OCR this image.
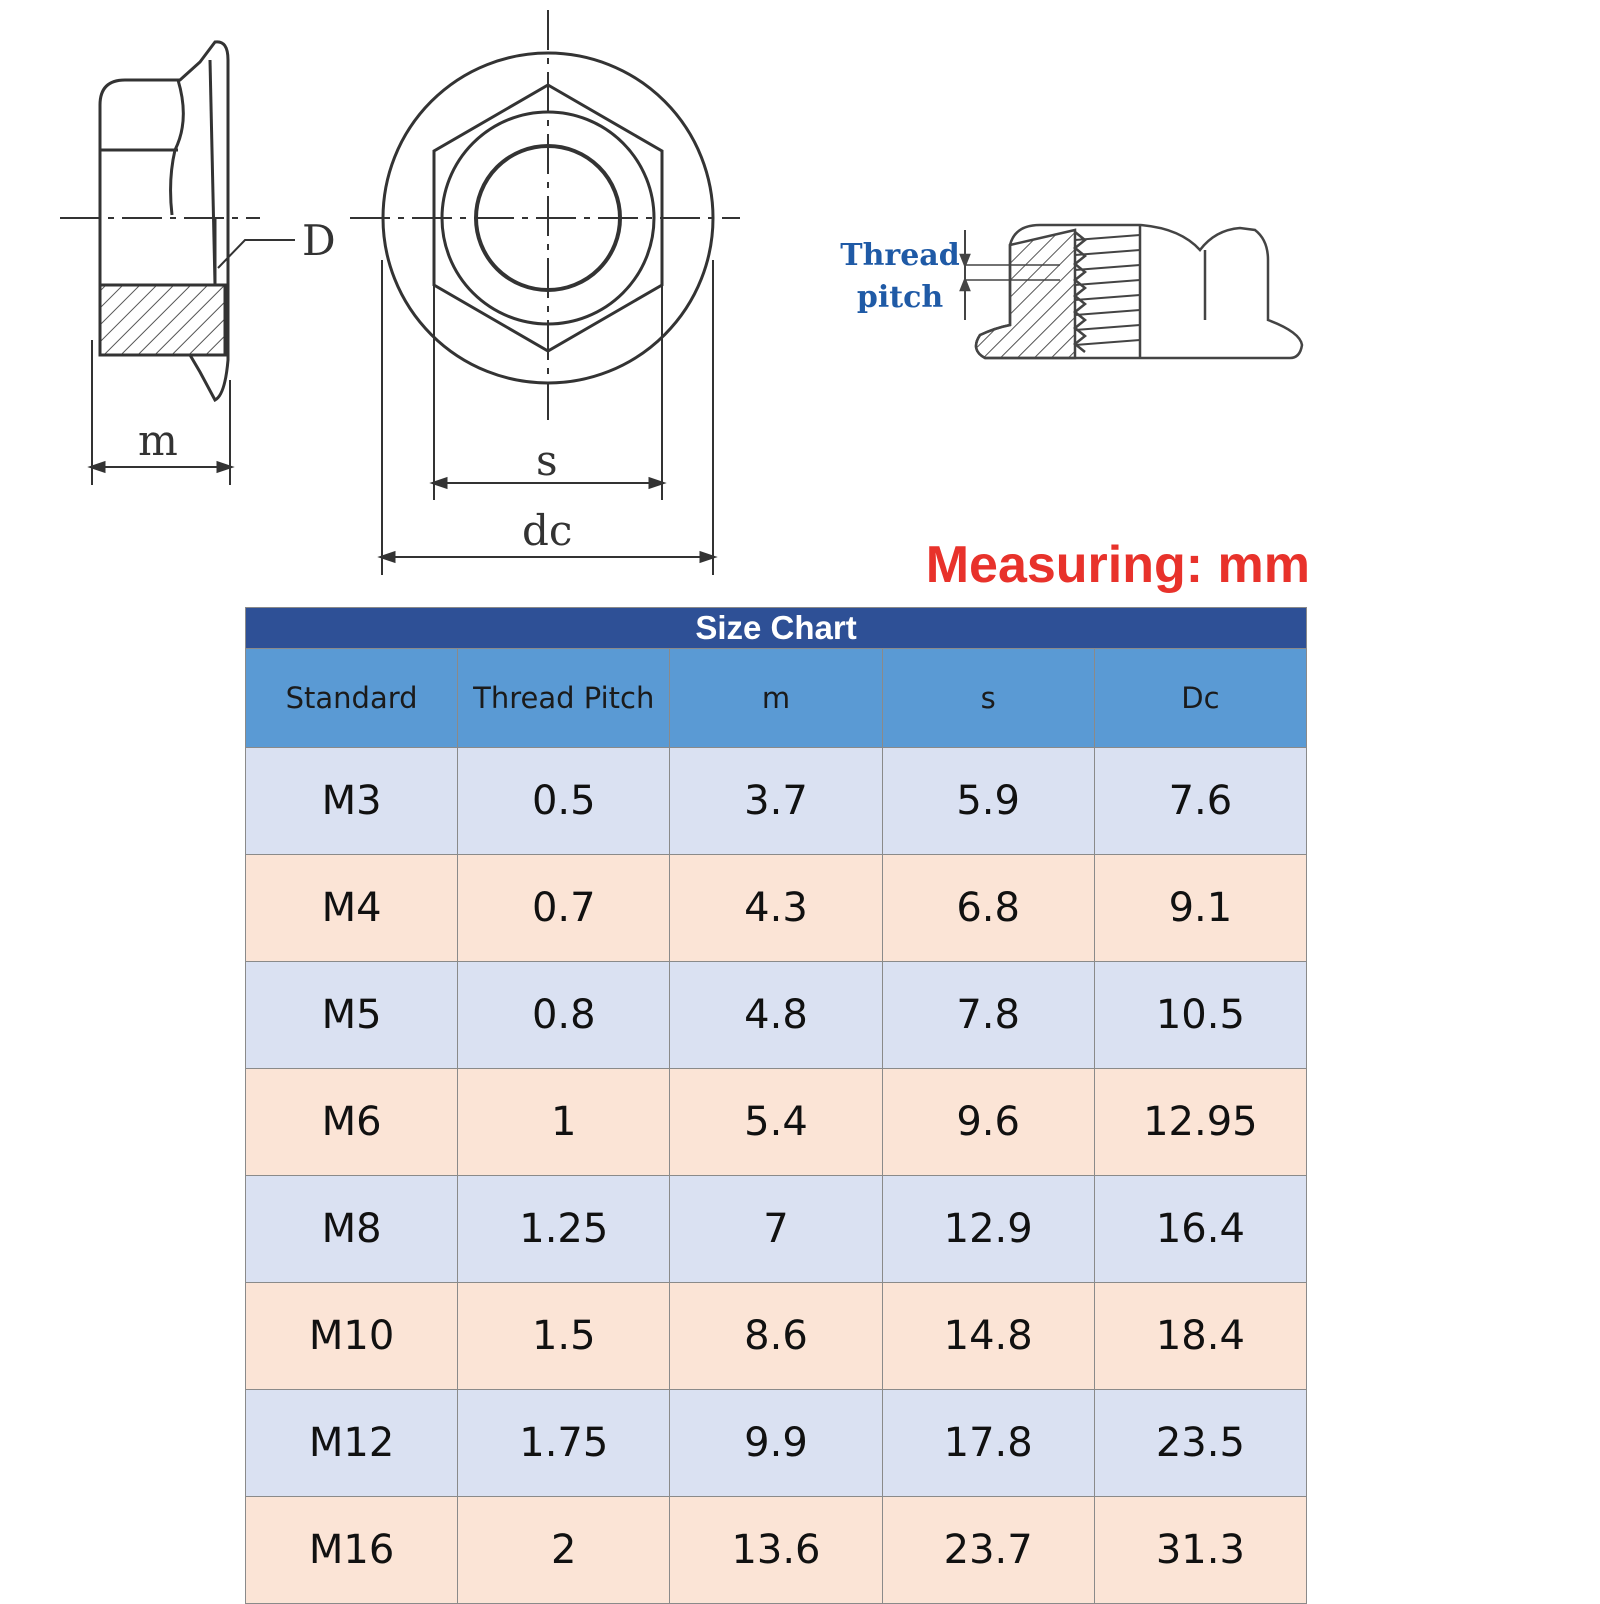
D
m	s
dc
Thread
pitch
Measuring: mm
Size Chart				
Standard	Thread Pitch	m	s	Dc
M3	0.5	3.7	5.9	7.6
M4	0.7	4.3	6.8	9.1
M5	0.8	4.8	7.8	10.5
M6	1	5.4	9.6	12.95
M8	1.25	7	12.9	16.4
M10	1.5	8.6	14.8	18.4
M12	1.75	9.9	17.8	23.5
M16	2	13.6	23.7	31.3
